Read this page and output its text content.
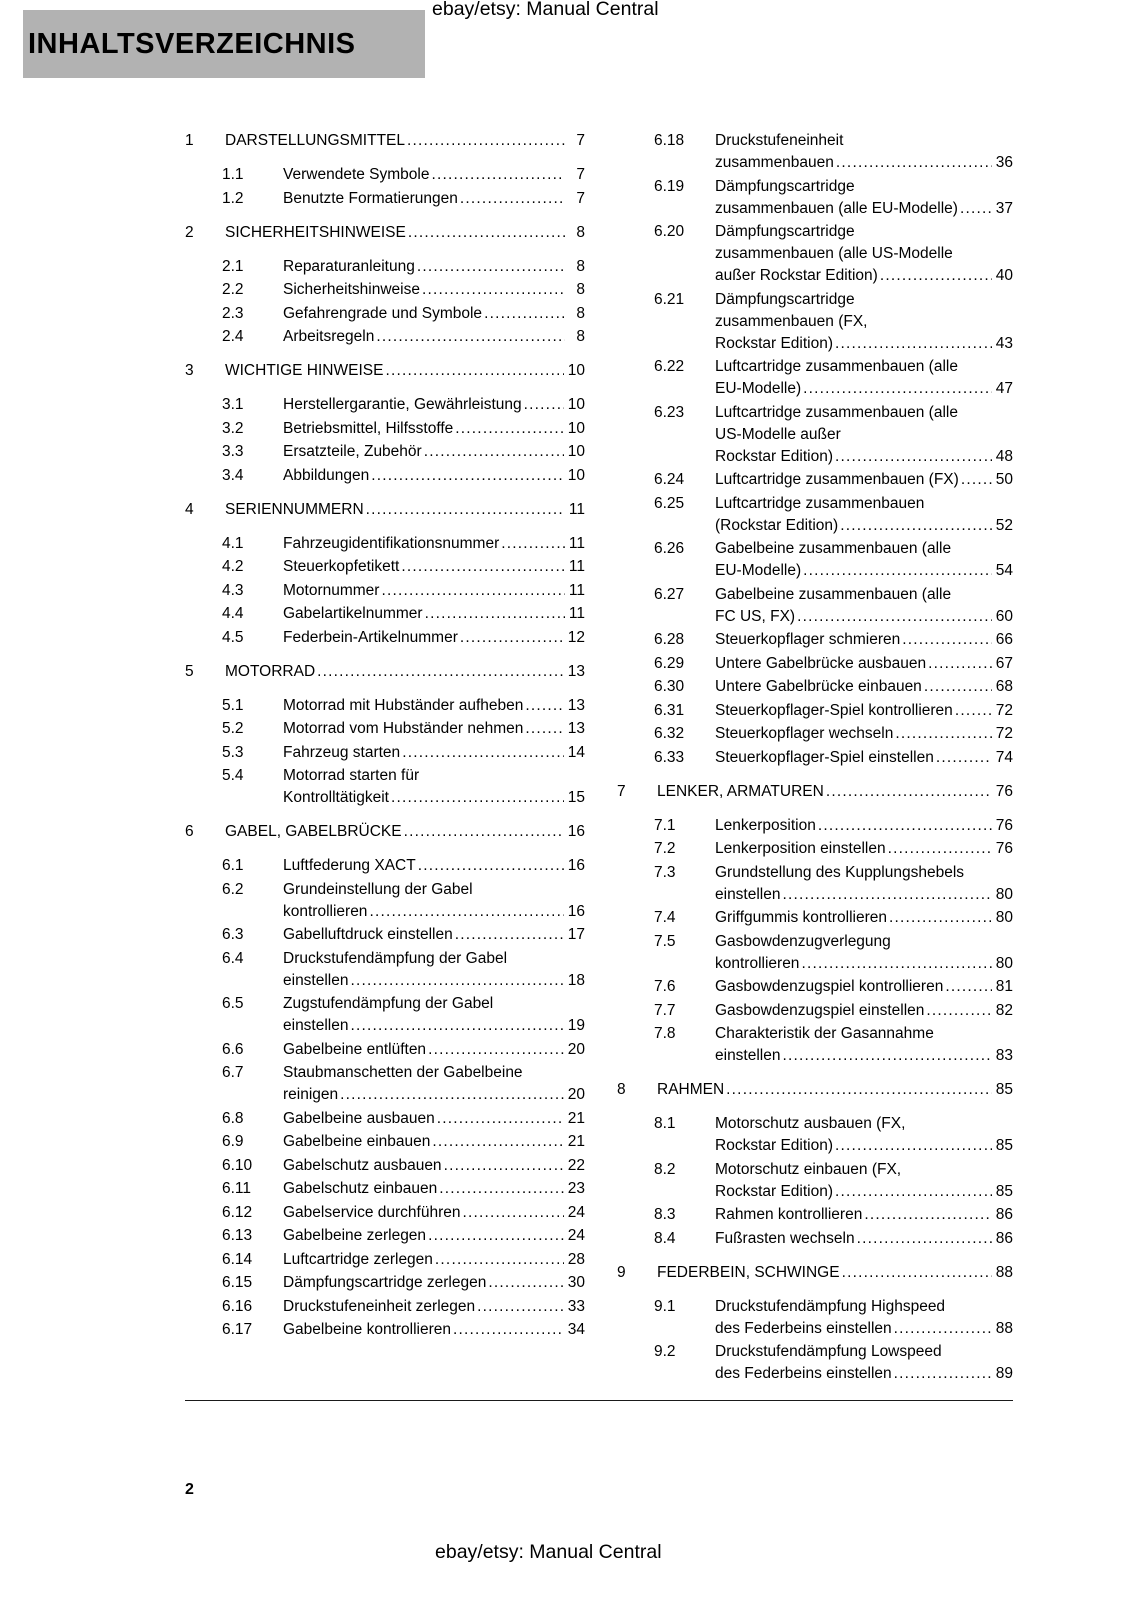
INHALTSVERZEICHNIS
ebay/etsy: Manual Central
1	DARSTELLUNGSMITTEL .....	7
1.1	Verwendete Symbole .....	7
1.2	Benutzte Formatierungen .....	7
2	SICHERHEITSHINWEISE .....	8
2.1	Reparaturanleitung .....	8
2.2	Sicherheitshinweise .....	8
2.3	Gefahrengrade und Symbole .....	8
2.4	Arbeitsregeln .....	8
3	WICHTIGE HINWEISE .....	10
3.1	Herstellergarantie, Gewährleistung .....	10
3.2	Betriebsmittel, Hilfsstoffe .....	10
3.3	Ersatzteile, Zubehör .....	10
3.4	Abbildungen .....	10
4	SERIENNUMMERN .....	11
4.1	Fahrzeugidentifikationsnummer .....	11
4.2	Steuerkopfetikett .....	11
4.3	Motornummer .....	11
4.4	Gabelartikelnummer .....	11
4.5	Federbein-Artikelnummer .....	12
5	MOTORRAD .....	13
5.1	Motorrad mit Hubständer aufheben .....	13
5.2	Motorrad vom Hubständer nehmen .....	13
5.3	Fahrzeug starten .....	14
5.4	Motorrad starten für
Kontrolltätigkeit .....	15
6	GABEL, GABELBRÜCKE .....	16
6.1	Luftfederung XACT .....	16
6.2	Grundeinstellung der Gabel
kontrollieren .....	16
6.3	Gabelluftdruck einstellen .....	17
6.4	Druckstufendämpfung der Gabel
einstellen .....	18
6.5	Zugstufendämpfung der Gabel
einstellen .....	19
6.6	Gabelbeine entlüften .....	20
6.7	Staubmanschetten der Gabelbeine
reinigen .....	20
6.8	Gabelbeine ausbauen .....	21
6.9	Gabelbeine einbauen .....	21
6.10	Gabelschutz ausbauen .....	22
6.11	Gabelschutz einbauen .....	23
6.12	Gabelservice durchführen .....	24
6.13	Gabelbeine zerlegen .....	24
6.14	Luftcartridge zerlegen .....	28
6.15	Dämpfungscartridge zerlegen .....	30
6.16	Druckstufeneinheit zerlegen .....	33
6.17	Gabelbeine kontrollieren .....	34
6.18	Druckstufeneinheit
zusammenbauen .....	36
6.19	Dämpfungscartridge
zusammenbauen (alle EU-Modelle) ..... 37
6.20	Dämpfungscartridge
zusammenbauen (alle US-Modelle
außer Rockstar Edition) .....	40
6.21	Dämpfungscartridge
zusammenbauen (FX,
Rockstar Edition) .....	43
6.22	Luftcartridge zusammenbauen (alle
EU-Modelle) .....	47
6.23	Luftcartridge zusammenbauen (alle
US-Modelle außer
Rockstar Edition) .....	48
6.24	Luftcartridge zusammenbauen (FX) ..... 50
6.25	Luftcartridge zusammenbauen
(Rockstar Edition) .....	52
6.26	Gabelbeine zusammenbauen (alle
EU-Modelle) .....	54
6.27	Gabelbeine zusammenbauen (alle
FC US, FX) .....	60
6.28	Steuerkopflager schmieren .....	66
6.29	Untere Gabelbrücke ausbauen .....	67
6.30	Untere Gabelbrücke einbauen .....	68
6.31	Steuerkopflager-Spiel kontrollieren .....	72
6.32	Steuerkopflager wechseln .....	72
6.33	Steuerkopflager-Spiel einstellen .....	74
7	LENKER, ARMATUREN .....	76
7.1	Lenkerposition .....	76
7.2	Lenkerposition einstellen .....	76
7.3	Grundstellung des Kupplungshebels
einstellen .....	80
7.4	Griffgummis kontrollieren .....	80
7.5	Gasbowdenzugverlegung
kontrollieren .....	80
7.6	Gasbowdenzugspiel kontrollieren .....	81
7.7	Gasbowdenzugspiel einstellen .....	82
7.8	Charakteristik der Gasannahme
einstellen .....	83
8	RAHMEN .....	85
8.1	Motorschutz ausbauen (FX,
Rockstar Edition) .....	85
8.2	Motorschutz einbauen (FX,
Rockstar Edition) .....	85
8.3	Rahmen kontrollieren .....	86
8.4	Fußrasten wechseln .....	86
9	FEDERBEIN, SCHWINGE .....	88
9.1	Druckstufendämpfung Highspeed
des Federbeins einstellen .....	88
9.2	Druckstufendämpfung Lowspeed
des Federbeins einstellen .....	89
2
ebay/etsy: Manual Central
